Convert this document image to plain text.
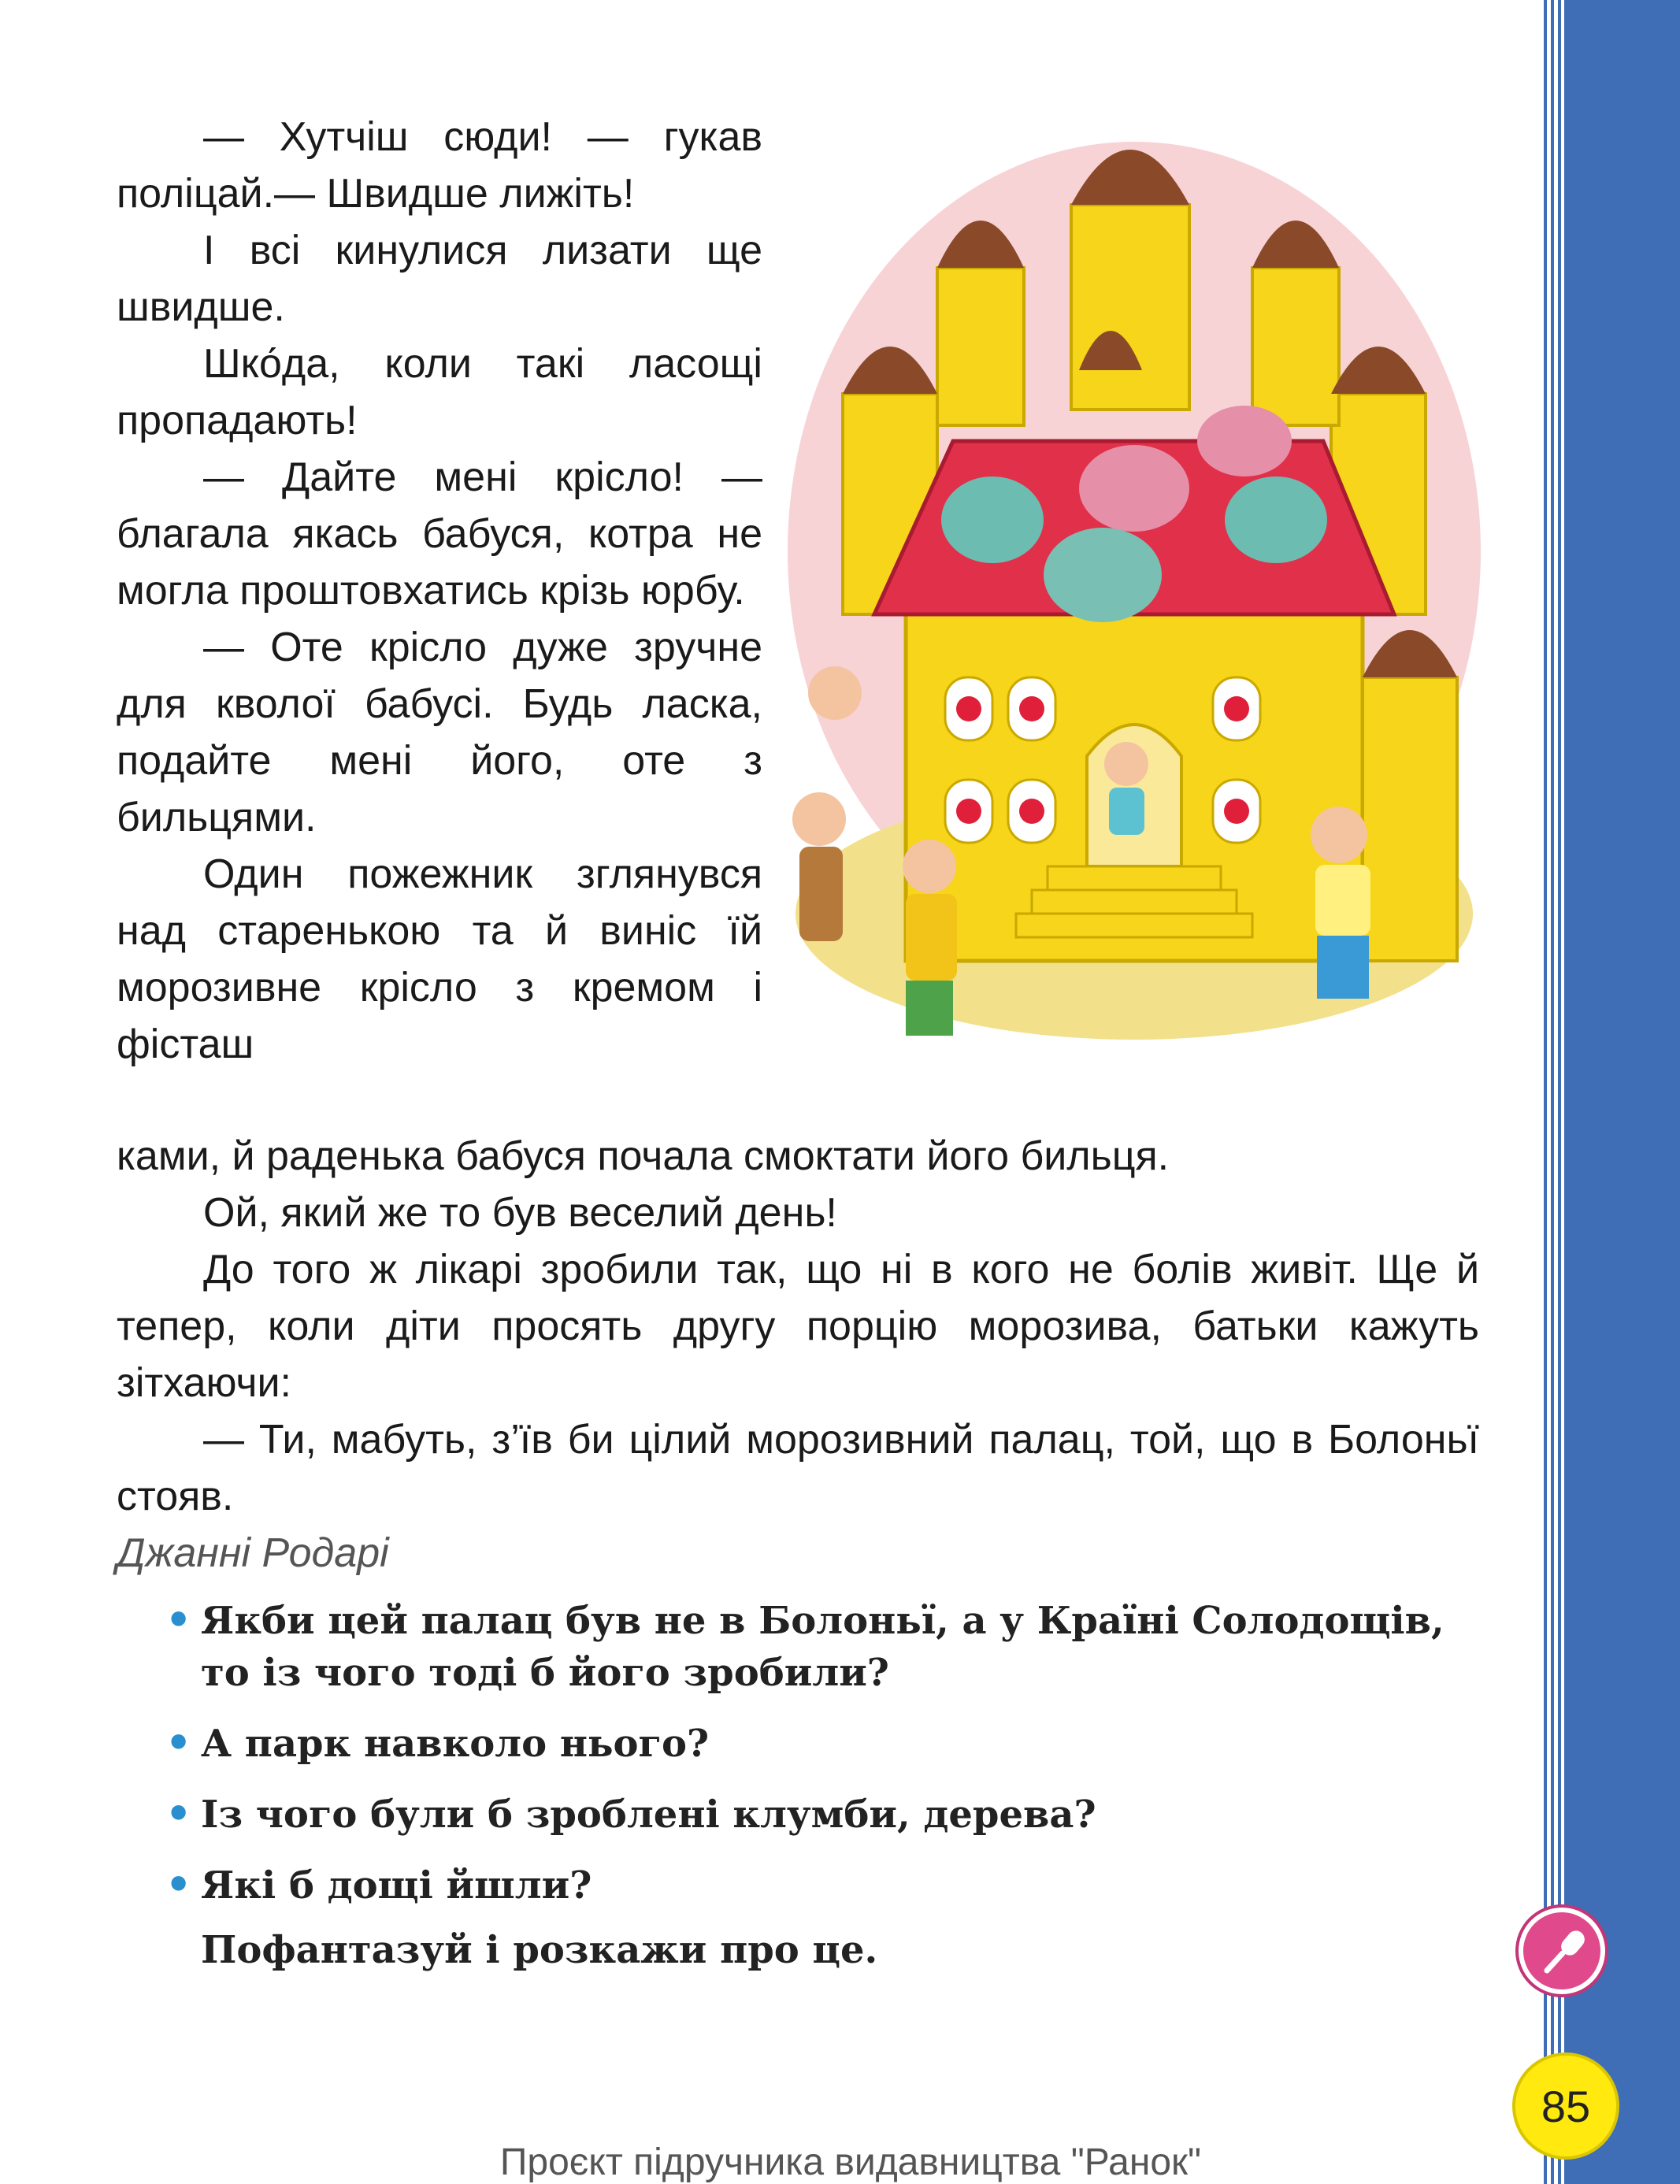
— Хутчіш сюди! — гукав поліцай.— Швидше лижіть!

І всі кинулися лизати ще швидше.

Шко́да, коли такі ласощі пропадають!

— Дайте мені крісло! — благала якась бабуся, котра не могла проштовхатись крізь юрбу.

— Оте крісло дуже зручне для кволої бабусі. Будь ласка, подайте мені його, оте з бильцями.

Один пожежник зглянувся над старенькою та й виніс їй морозивне крісло з кремом і фісташ

ками, й раденька бабуся почала смоктати його бильця.

Ой, який же то був веселий день!

До того ж лікарі зробили так, що ні в кого не болів живіт. Ще й тепер, коли діти просять другу порцію морозива, батьки кажуть зітхаючи:

— Ти, мабуть, з’їв би цілий морозивний палац, той, що в Болоньї стояв.

Джанні Родарі

• Якби цей палац був не в Болоньї, а у Країні Солодощів, то із чого тоді б його зробили?
• А парк навколо нього?
• Із чого були б зроблені клумби, дерева?
• Які б дощі йшли?
Пофантазуй і розкажи про це.
85
Проєкт підручника видавництва "Ранок"
